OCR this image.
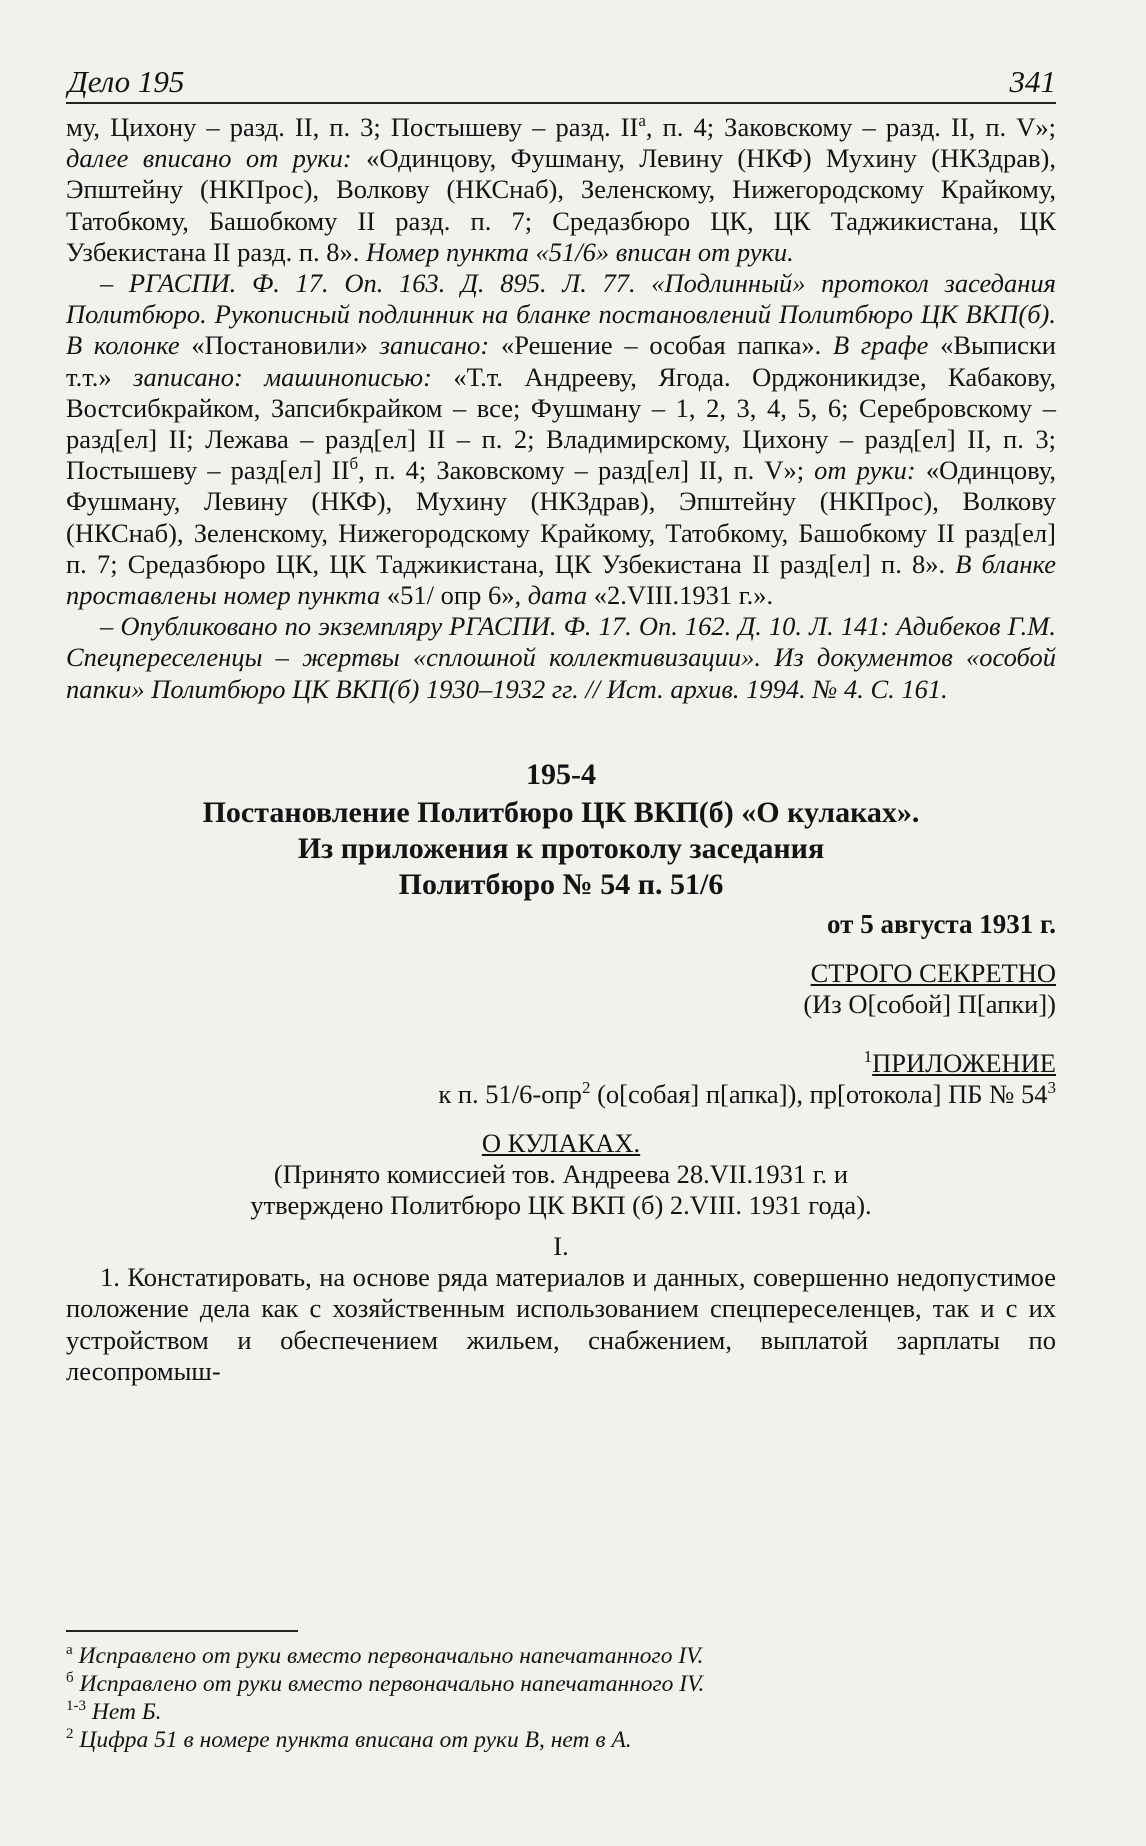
Дело 195	341

му, Цихону – разд. II, п. 3; Постышеву – разд. $II^а$, п. 4; Заковскому – разд. II, п. V»; далее вписано от руки: «Одинцову, Фушману, Левину (НКФ) Мухину (НКЗдрав), Эпштейну (НКПрос), Волкову (НКСнаб), Зеленскому, Нижегородскому Крайкому, Татобкому, Башобкому II разд. п. 7; Средазбюро ЦК, ЦК Таджикистана, ЦК Узбекистана II разд. п. 8». Номер пункта «51/6» вписан от руки.

– РГАСПИ. Ф. 17. Оп. 163. Д. 895. Л. 77. «Подлинный» протокол заседания Политбюро. Рукописный подлинник на бланке постановлений Политбюро ЦК ВКП(б). В колонке «Постановили» записано: «Решение – особая папка». В графе «Выписки т.т.» записано: машинописью: «Т.т. Андрееву, Ягода. Орджоникидзе, Кабакову, Востсибкрайком, Запсибкрайком – все; Фушману – 1, 2, 3, 4, 5, 6; Серебровскому – разд[ел] II; Лежава – разд[ел] II – п. 2; Владимирскому, Цихону – разд[ел] II, п. 3; Постышеву – разд[ел] $II^б$, п. 4; Заковскому – разд[ел] II, п. V»; от руки: «Одинцову, Фушману, Левину (НКФ), Мухину (НКЗдрав), Эпштейну (НКПрос), Волкову (НКСнаб), Зеленскому, Нижегородскому Крайкому, Татобкому, Башобкому II разд[ел] п. 7; Средазбюро ЦК, ЦК Таджикистана, ЦК Узбекистана II разд[ел] п. 8». В бланке проставлены номер пункта «51/ опр 6», дата «2.VIII.1931 г.».

– Опубликовано по экземпляру РГАСПИ. Ф. 17. Оп. 162. Д. 10. Л. 141: Адибеков Г.М. Спецпереселенцы – жертвы «сплошной коллективизации». Из документов «особой папки» Политбюро ЦК ВКП(б) 1930–1932 гг. // Ист. архив. 1994. № 4. С. 161.

195-4
Постановление Политбюро ЦК ВКП(б) «О кулаках».
Из приложения к протоколу заседания
Политбюро № 54 п. 51/6
от 5 августа 1931 г.
СТРОГО СЕКРЕТНО
(Из О[собой] П[апки])
$^1$ПРИЛОЖЕНИЕ
к п. 51/6-опр$^2$ (о[собая] п[апка]), пр[отокола] ПБ № $54^3$
О КУЛАКАХ.
(Принято комиссией тов. Андреева 28.VII.1931 г. и
утверждено Политбюро ЦК ВКП (б) 2.VIII. 1931 года).
I.

1. Констатировать, на основе ряда материалов и данных, совершенно недопустимое положение дела как с хозяйственным использованием спецпереселенцев, так и с их устройством и обеспечением жильем, снабжением, выплатой зарплаты по лесопромыш-

$^а$ Исправлено от руки вместо первоначально напечатанного IV.
$^б$ Исправлено от руки вместо первоначально напечатанного IV.
$^{1-3}$ Нет Б.
$^2$ Цифра 51 в номере пункта вписана от руки В, нет в А.
